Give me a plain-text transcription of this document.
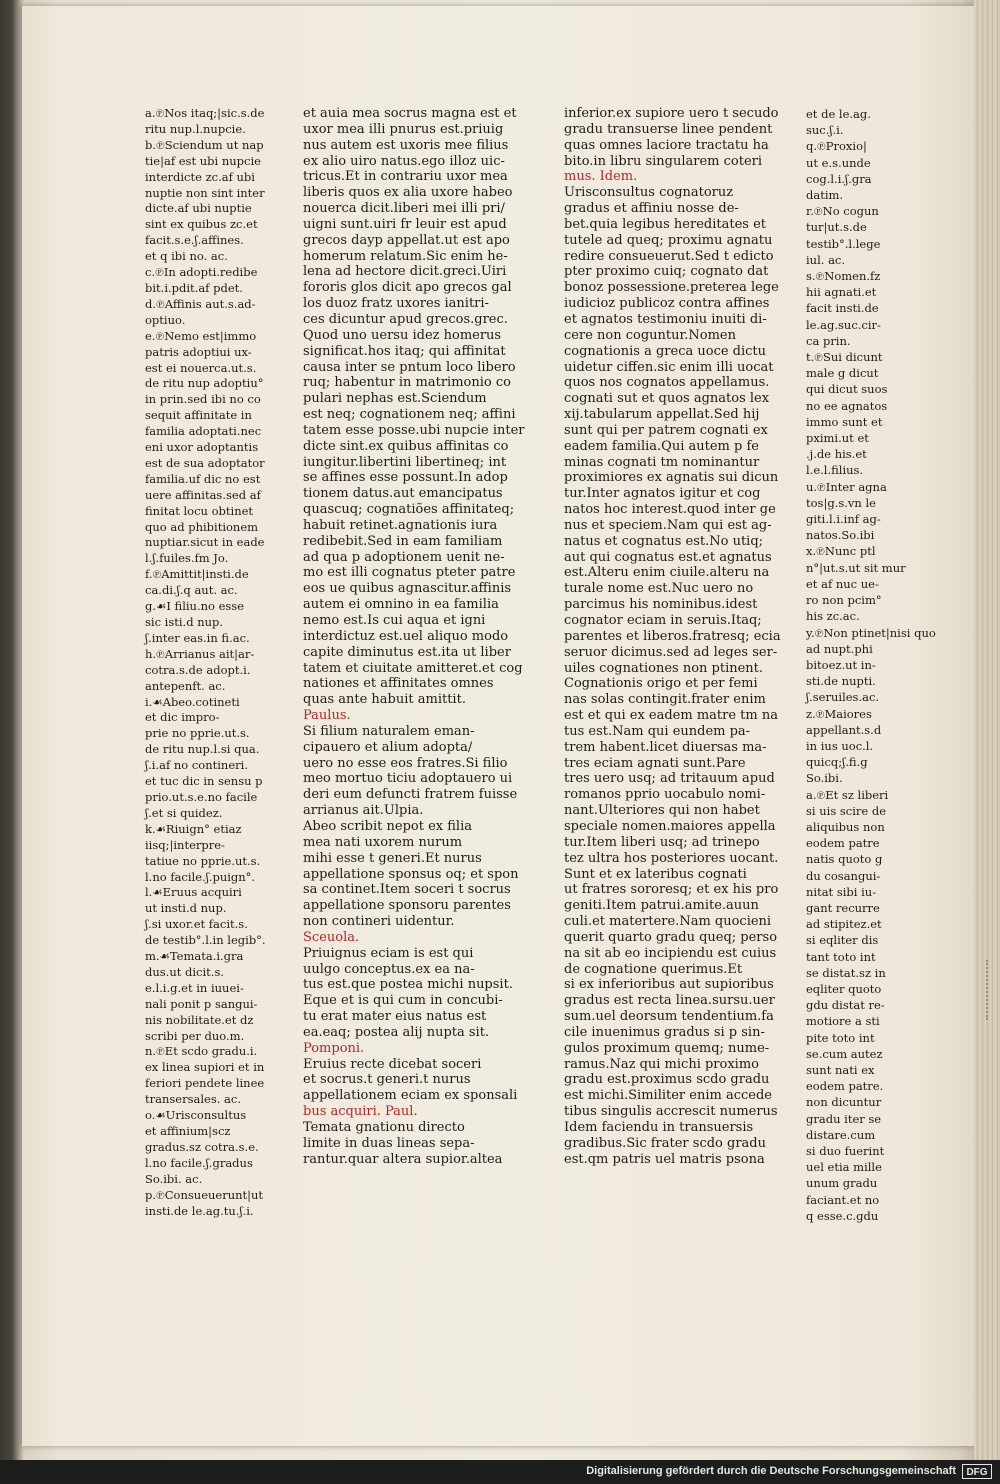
a.℗Nos itaq;|sic.s.de

ritu nup.l.nupcie.

b.℗Sciendum ut nap

tie|af est ubi nupcie

interdicte zc.af ubi

nuptie non sint inter

dicte.af ubi nuptie

sint ex quibus zc.et

facit.s.e.ʃ.affines.

et q ibi no. ac.

c.℗In adopti.redibe

bit.i.pdit.af pdet.

d.℗Affinis aut.s.ad-

optiuo.

e.℗Nemo est|immo

patris adoptiui ux-

est ei nouerca.ut.s.

de ritu nup adoptiu°

in prin.sed ibi no co

sequit affinitate in

familia adoptati.nec

eni uxor adoptantis

est de sua adoptator

familia.uf dic no est

uere affinitas.sed af

finitat locu obtinet

quo ad phibitionem

nuptiar.sicut in eade

l.ʃ.fuiles.fm Jo.

f.℗Amittit|insti.de

ca.di.ʃ.q aut. ac.

g.☙I filiu.no esse

sic isti.d nup.

ʃ.inter eas.in fi.ac.

h.℗Arrianus ait|ar-

cotra.s.de adopt.i.

antepenft. ac.

i.☙Abeo.cotineti

et dic impro-

prie no pprie.ut.s.

de ritu nup.l.si qua.

ʃ.i.af no contineri.

et tuc dic in sensu p

prio.ut.s.e.no facile

ʃ.et si quidez.

k.☙Riuign° etiaz

iisq;|interpre-

tatiue no pprie.ut.s.

l.no facile.ʃ.puign°.

l.☙Eruus acquiri

ut insti.d nup.

ʃ.si uxor.et facit.s.

de testib°.l.in legib°.

m.☙Temata.i.gra

dus.ut dicit.s.

e.l.i.g.et in iuuei-

nali ponit p sangui-

nis nobilitate.et dz

scribi per duo.m.

n.℗Et scdo gradu.i.

ex linea supiori et in

feriori pendete linee

transersales. ac.

o.☙Urisconsultus

et affinium|scz

gradus.sz cotra.s.e.

l.no facile.ʃ.gradus

So.ibi. ac.

p.℗Consueuerunt|ut

insti.de le.ag.tu.ʃ.i.

et auia mea socrus magna est et

uxor mea illi pnurus est.priuig

nus autem est uxoris mee filius

ex alio uiro natus.ego illoz uic-

tricus.Et in contrariu uxor mea

liberis quos ex alia uxore habeo

nouerca dicit.liberi mei illi pri/

uigni sunt.uiri fr leuir est apud

grecos dayp appellat.ut est apo

homerum relatum.Sic enim he-

lena ad hectore dicit.greci.Uiri

fororis glos dicit apo grecos gal

los duoz fratz uxores ianitri-

ces dicuntur apud grecos.grec.

Quod uno uersu idez homerus

significat.hos itaq; qui affinitat

causa inter se pntum loco libero

ruq; habentur in matrimonio co

pulari nephas est.Sciendum

est neq; cognationem neq; affini

tatem esse posse.ubi nupcie inter

dicte sint.ex quibus affinitas co

iungitur.libertini libertineq; int

se affines esse possunt.In adop

tionem datus.aut emancipatus

quascuq; cognatiões affinitateq;

habuit retinet.agnationis iura

redibebit.Sed in eam familiam

ad qua p adoptionem uenit ne-

mo est illi cognatus pteter patre

eos ue quibus agnascitur.affinis

autem ei omnino in ea familia

nemo est.Is cui aqua et igni

interdictuz est.uel aliquo modo

capite diminutus est.ita ut liber

tatem et ciuitate amitteret.et cog

nationes et affinitates omnes

quas ante habuit amittit.

Paulus.

Si filium naturalem eman-

cipauero et alium adopta/

uero no esse eos fratres.Si filio

meo mortuo ticiu adoptauero ui

deri eum defuncti fratrem fuisse

arrianus ait.Ulpia.

Abeo scribit nepot ex filia

mea nati uxorem nurum

mihi esse t generi.Et nurus

appellatione sponsus oq; et spon

sa continet.Item soceri t socrus

appellatione sponsoru parentes

non contineri uidentur.

Sceuola.

Priuignus eciam is est qui

uulgo conceptus.ex ea na-

tus est.que postea michi nupsit.

Eque et is qui cum in concubi-

tu erat mater eius natus est

ea.eaq; postea alij nupta sit.

Pomponi.

Eruius recte dicebat soceri

et socrus.t generi.t nurus

appellationem eciam ex sponsali

bus acquiri. Paul.

Temata gnationu directo

limite in duas lineas sepa-

rantur.quar altera supior.altea

inferior.ex supiore uero t secudo

gradu transuerse linee pendent

quas omnes laciore tractatu ha

bito.in libru singularem coteri

mus. Idem.

Urisconsultus cognatoruz

gradus et affiniu nosse de-

bet.quia legibus hereditates et

tutele ad queq; proximu agnatu

redire consueuerut.Sed t edicto

pter proximo cuiq; cognato dat

bonoz possessione.preterea lege

iudicioz publicoz contra affines

et agnatos testimoniu inuiti di-

cere non coguntur.Nomen

cognationis a greca uoce dictu

uidetur ciffen.sic enim illi uocat

quos nos cognatos appellamus.

cognati sut et quos agnatos lex

xij.tabularum appellat.Sed hij

sunt qui per patrem cognati ex

eadem familia.Qui autem p fe

minas cognati tm nominantur

proximiores ex agnatis sui dicun

tur.Inter agnatos igitur et cog

natos hoc interest.quod inter ge

nus et speciem.Nam qui est ag-

natus et cognatus est.No utiq;

aut qui cognatus est.et agnatus

est.Alteru enim ciuile.alteru na

turale nome est.Nuc uero no

parcimus his nominibus.idest

cognator eciam in seruis.Itaq;

parentes et liberos.fratresq; ecia

seruor dicimus.sed ad leges ser-

uiles cognationes non ptinent.

Cognationis origo et per femi

nas solas contingit.frater enim

est et qui ex eadem matre tm na

tus est.Nam qui eundem pa-

trem habent.licet diuersas ma-

tres eciam agnati sunt.Pare

tres uero usq; ad tritauum apud

romanos pprio uocabulo nomi-

nant.Ulteriores qui non habet

speciale nomen.maiores appella

tur.Item liberi usq; ad trinepo

tez ultra hos posteriores uocant.

Sunt et ex lateribus cognati

ut fratres sororesq; et ex his pro

geniti.Item patrui.amite.auun

culi.et matertere.Nam quocieni

querit quarto gradu queq; perso

na sit ab eo incipiendu est cuius

de cognatione querimus.Et

si ex inferioribus aut supioribus

gradus est recta linea.sursu.uer

sum.uel deorsum tendentium.fa

cile inuenimus gradus si p sin-

gulos proximum quemq; nume-

ramus.Naz qui michi proximo

gradu est.proximus scdo gradu

est michi.Similiter enim accede

tibus singulis accrescit numerus

Idem faciendu in transuersis

gradibus.Sic frater scdo gradu

est.qm patris uel matris psona

et de le.ag.

suc.ʃ.i.

q.℗Proxio|

ut e.s.unde

cog.l.i.ʃ.gra

datim.

r.℗No cogun

tur|ut.s.de

testib°.l.lege

iul. ac.

s.℗Nomen.fz

hii agnati.et

facit insti.de

le.ag.suc.cir-

ca prin.

t.℗Sui dicunt

male g dicut

qui dicut suos

no ee agnatos

immo sunt et

pximi.ut et

.j.de his.et

l.e.l.filius.

u.℗Inter agna

tos|g.s.vn le

giti.l.i.inf ag-

natos.So.ibi

x.℗Nunc ptl

n°|ut.s.ut sit mur

et af nuc ue-

ro non pcim°

his zc.ac.

y.℗Non ptinet|nisi quo

ad nupt.phi

bitoez.ut in-

sti.de nupti.

ʃ.seruiles.ac.

z.℗Maiores

appellant.s.d

in ius uoc.l.

quicq;ʃ.fi.g

So.ibi.

a.℗Et sz liberi

si uis scire de

aliquibus non

eodem patre

natis quoto g

du cosangui-

nitat sibi iu-

gant recurre

ad stipitez.et

si eqliter dis

tant toto int

se distat.sz in

eqliter quoto

gdu distat re-

motiore a sti

pite toto int

se.cum autez

sunt nati ex

eodem patre.

non dicuntur

gradu iter se

distare.cum

si duo fuerint

uel etia mille

unum gradu

faciant.et no

q esse.c.gdu

Digitalisierung gefördert durch die Deutsche Forschungsgemeinschaft	DFG
